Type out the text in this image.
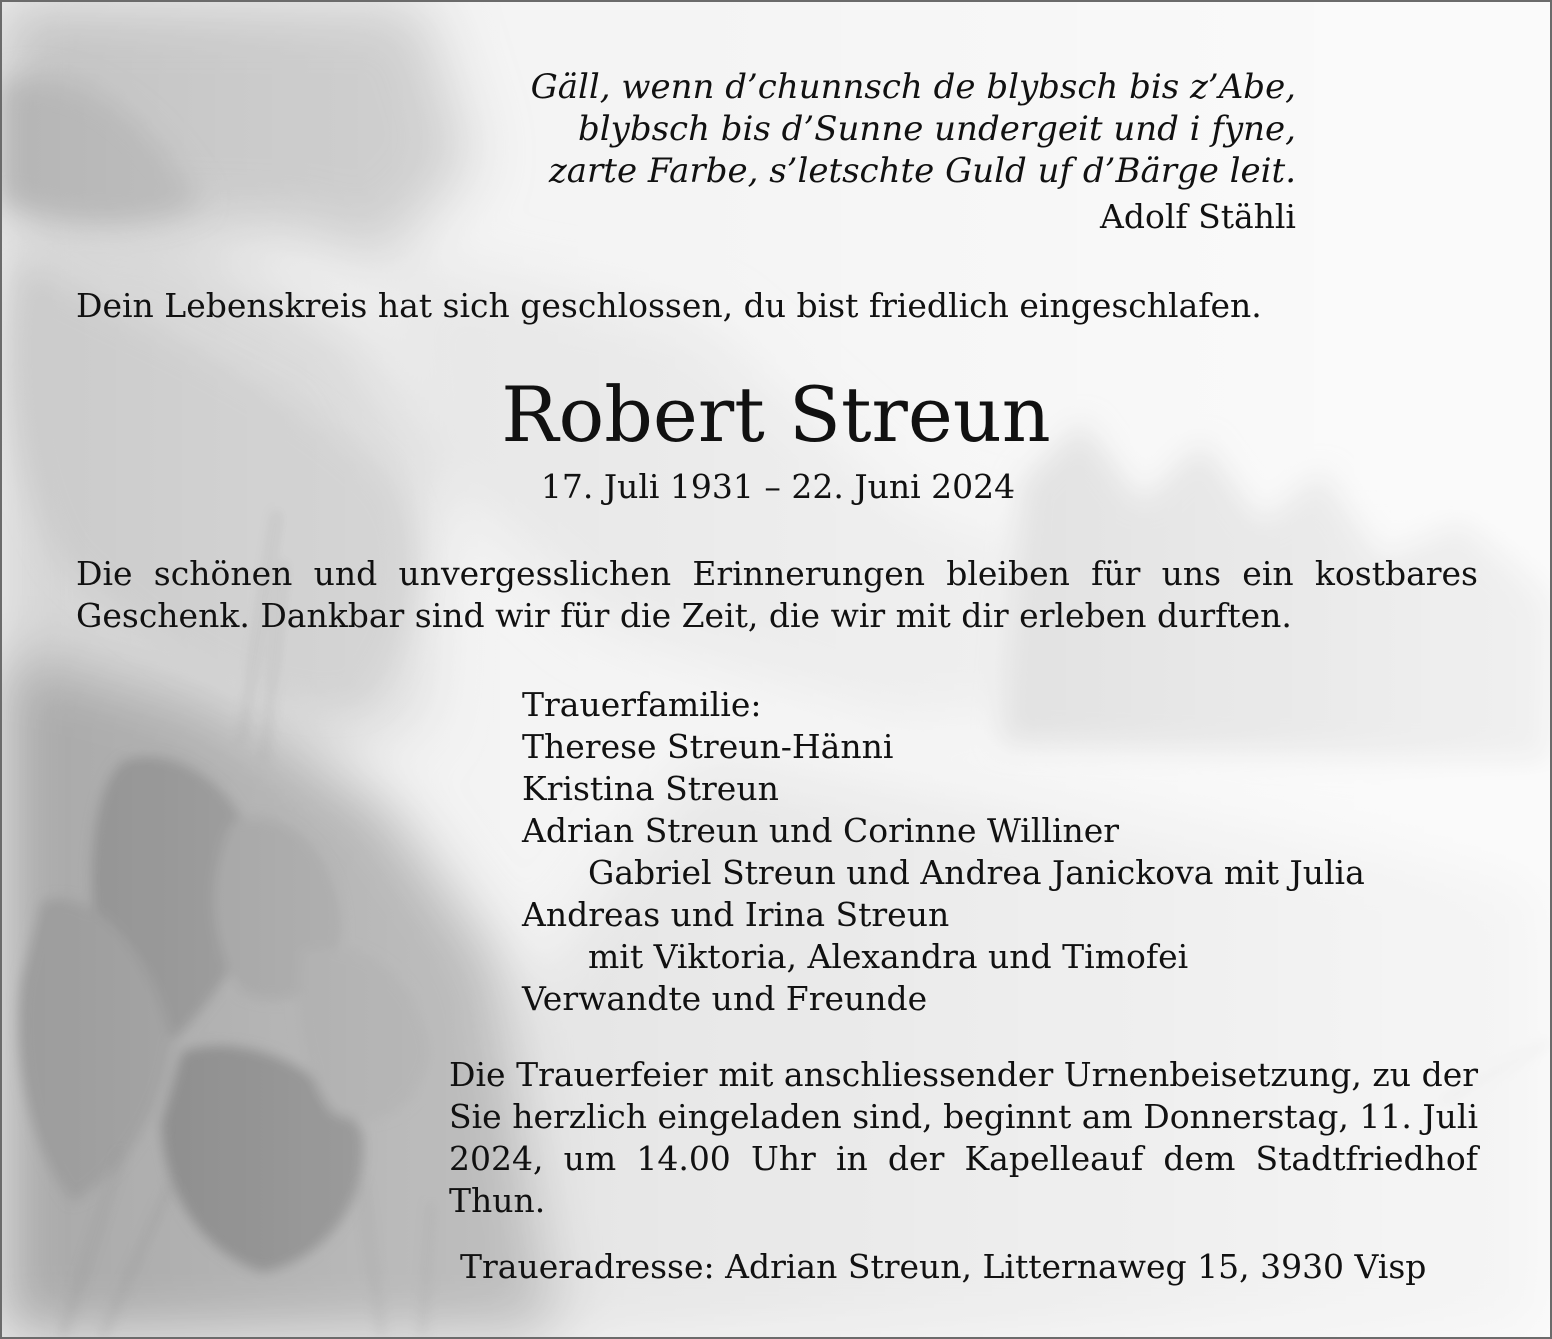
Gäll, wenn d’chunnsch de blybsch bis z’Abe,
blybsch bis d’Sunne undergeit und i fyne,
zarte Farbe, s’letschte Guld uf d’Bärge leit.
Adolf Stähli
Dein Lebenskreis hat sich geschlossen, du bist friedlich eingeschlafen.
Robert Streun
17. Juli 1931 – 22. Juni 2024
Die schönen und unvergesslichen Erinnerungen bleiben für uns ein kostbares Geschenk. Dankbar sind wir für die Zeit, die wir mit dir erleben durften.
Trauerfamilie:
Therese Streun-Hänni
Kristina Streun
Adrian Streun und Corinne Williner
Gabriel Streun und Andrea Janickova mit Julia
Andreas und Irina Streun
mit Viktoria, Alexandra und Timofei
Verwandte und Freunde
Die Trauerfeier mit anschliessender Urnenbeisetzung, zu der Sie herzlich eingeladen sind, beginnt am Donnerstag, 11. Juli 2024, um 14.00 Uhr in der Kapelleauf dem Stadtfriedhof Thun.
Traueradresse: Adrian Streun, Litternaweg 15, 3930 Visp
